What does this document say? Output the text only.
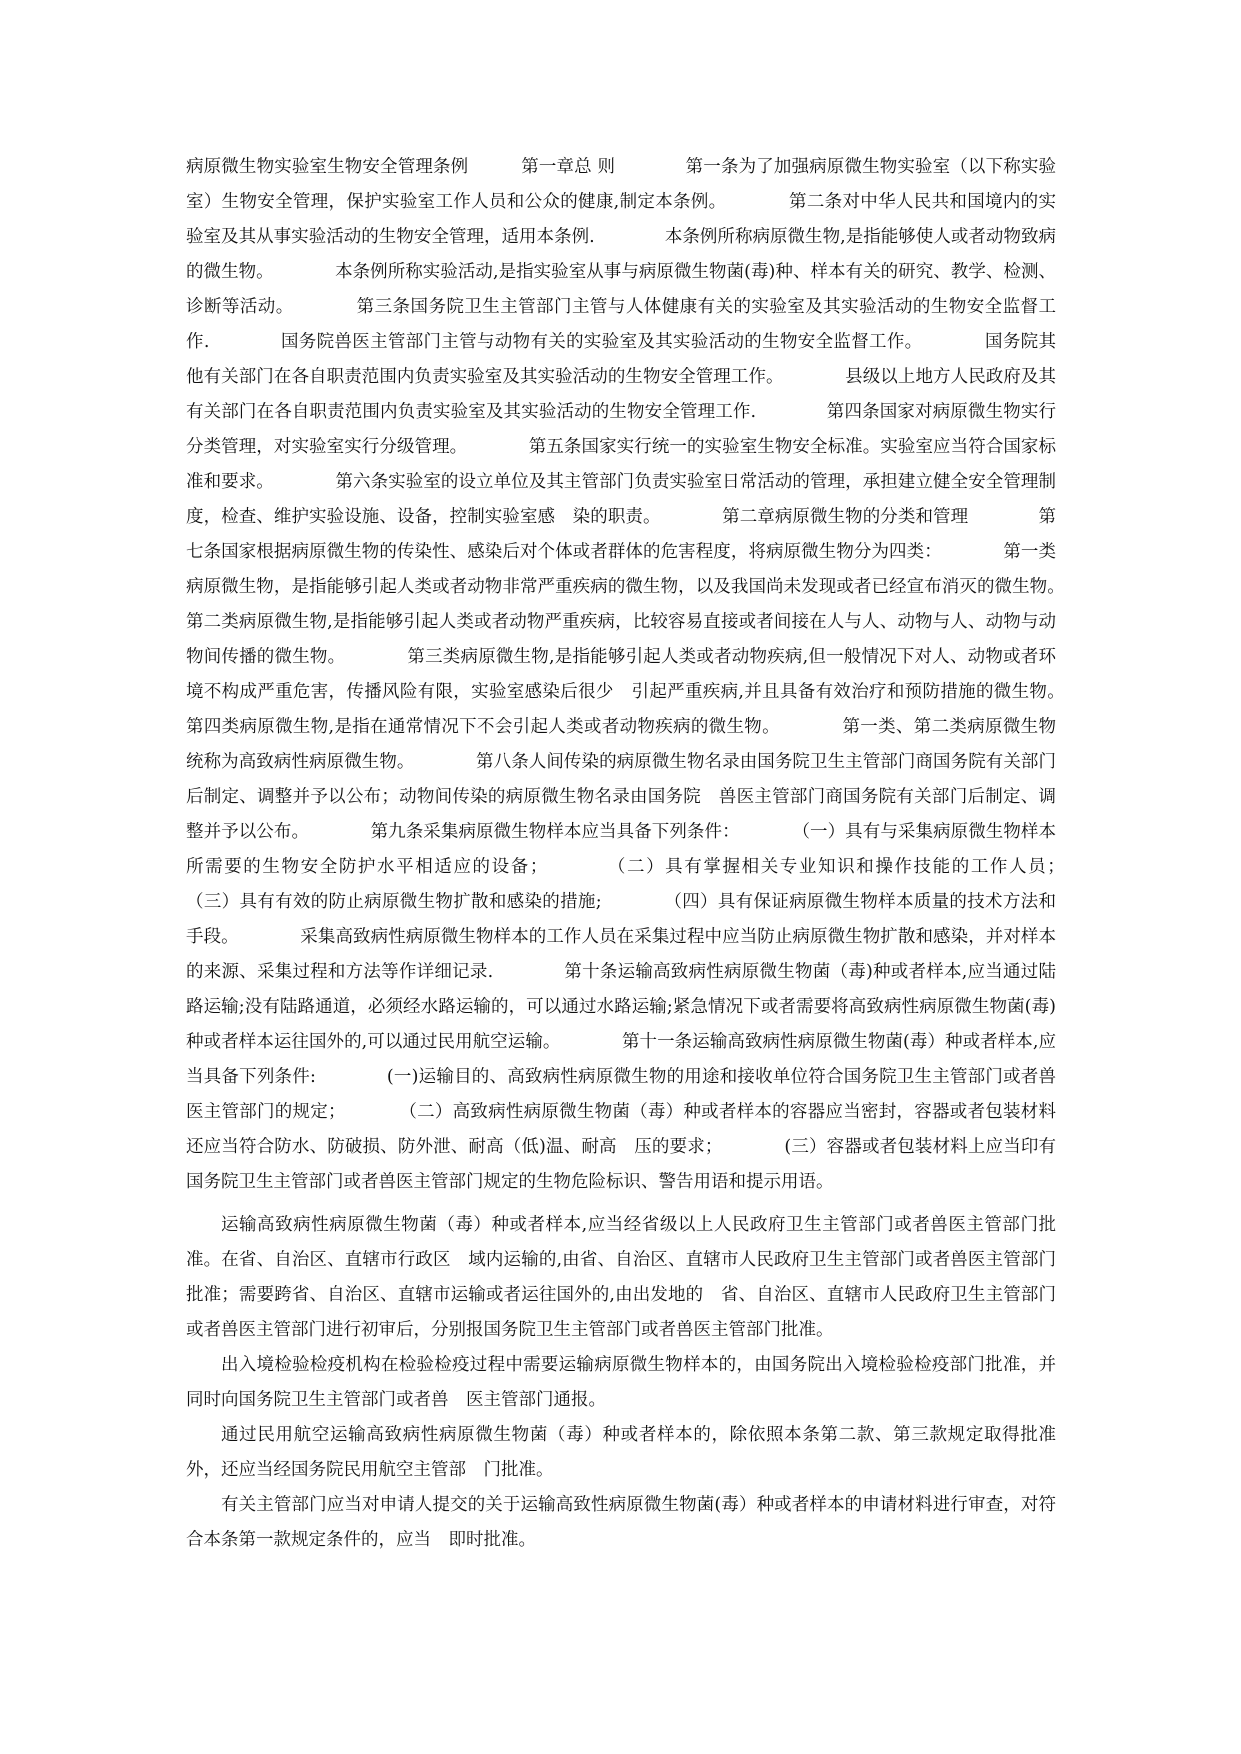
病原微生物实验室生物安全管理条例　　　第一章总 则　　　　第一条为了加强病原微生物实验室（以下称实验室）生物安全管理，保护实验室工作人员和公众的健康,制定本条例。　　　　第二条对中华人民共和国境内的实验室及其从事实验活动的生物安全管理，适用本条例.　　　　本条例所称病原微生物,是指能够使人或者动物致病的微生物。　　　　本条例所称实验活动,是指实验室从事与病原微生物菌(毒)种、样本有关的研究、教学、检测、诊断等活动。　　　　第三条国务院卫生主管部门主管与人体健康有关的实验室及其实验活动的生物安全监督工作.　　　　国务院兽医主管部门主管与动物有关的实验室及其实验活动的生物安全监督工作。　　　　国务院其他有关部门在各自职责范围内负责实验室及其实验活动的生物安全管理工作。　　　　县级以上地方人民政府及其有关部门在各自职责范围内负责实验室及其实验活动的生物安全管理工作.　　　　第四条国家对病原微生物实行分类管理，对实验室实行分级管理。　　　　第五条国家实行统一的实验室生物安全标准。实验室应当符合国家标准和要求。　　　　第六条实验室的设立单位及其主管部门负责实验室日常活动的管理，承担建立健全安全管理制度，检查、维护实验设施、设备，控制实验室感　染的职责。　　　　第二章病原微生物的分类和管理　　　　第七条国家根据病原微生物的传染性、感染后对个体或者群体的危害程度，将病原微生物分为四类：　　　　第一类病原微生物，是指能够引起人类或者动物非常严重疾病的微生物，以及我国尚未发现或者已经宣布消灭的微生物。　　　　第二类病原微生物,是指能够引起人类或者动物严重疾病，比较容易直接或者间接在人与人、动物与人、动物与动物间传播的微生物。　　　　第三类病原微生物,是指能够引起人类或者动物疾病,但一般情况下对人、动物或者环境不构成严重危害，传播风险有限，实验室感染后很少　引起严重疾病,并且具备有效治疗和预防措施的微生物。　　　　第四类病原微生物,是指在通常情况下不会引起人类或者动物疾病的微生物。　　　　第一类、第二类病原微生物统称为高致病性病原微生物。　　　　第八条人间传染的病原微生物名录由国务院卫生主管部门商国务院有关部门后制定、调整并予以公布；动物间传染的病原微生物名录由国务院　兽医主管部门商国务院有关部门后制定、调整并予以公布。　　　　第九条采集病原微生物样本应当具备下列条件：　　　　（一）具有与采集病原微生物样本所需要的生物安全防护水平相适应的设备；　　　　（二）具有掌握相关专业知识和操作技能的工作人员；　　　　（三）具有有效的防止病原微生物扩散和感染的措施;　　　　（四）具有保证病原微生物样本质量的技术方法和手段。　　　　采集高致病性病原微生物样本的工作人员在采集过程中应当防止病原微生物扩散和感染，并对样本的来源、采集过程和方法等作详细记录.　　　　第十条运输高致病性病原微生物菌（毒)种或者样本,应当通过陆路运输;没有陆路通道，必须经水路运输的，可以通过水路运输;紧急情况下或者需要将高致病性病原微生物菌(毒)种或者样本运往国外的,可以通过民用航空运输。　　　　第十一条运输高致病性病原微生物菌(毒）种或者样本,应当具备下列条件:　　　　(一)运输目的、高致病性病原微生物的用途和接收单位符合国务院卫生主管部门或者兽医主管部门的规定；　　　　（二）高致病性病原微生物菌（毒）种或者样本的容器应当密封，容器或者包装材料还应当符合防水、防破损、防外泄、耐高（低)温、耐高　压的要求；　　　　(三）容器或者包装材料上应当印有国务院卫生主管部门或者兽医主管部门规定的生物危险标识、警告用语和提示用语。

运输高致病性病原微生物菌（毒）种或者样本,应当经省级以上人民政府卫生主管部门或者兽医主管部门批准。在省、自治区、直辖市行政区　域内运输的,由省、自治区、直辖市人民政府卫生主管部门或者兽医主管部门批准；需要跨省、自治区、直辖市运输或者运往国外的,由出发地的　省、自治区、直辖市人民政府卫生主管部门或者兽医主管部门进行初审后，分别报国务院卫生主管部门或者兽医主管部门批准。

出入境检验检疫机构在检验检疫过程中需要运输病原微生物样本的，由国务院出入境检验检疫部门批准，并同时向国务院卫生主管部门或者兽　医主管部门通报。

通过民用航空运输高致病性病原微生物菌（毒）种或者样本的，除依照本条第二款、第三款规定取得批准外，还应当经国务院民用航空主管部　门批准。

有关主管部门应当对申请人提交的关于运输高致性病原微生物菌(毒）种或者样本的申请材料进行审查，对符合本条第一款规定条件的，应当　即时批准。
